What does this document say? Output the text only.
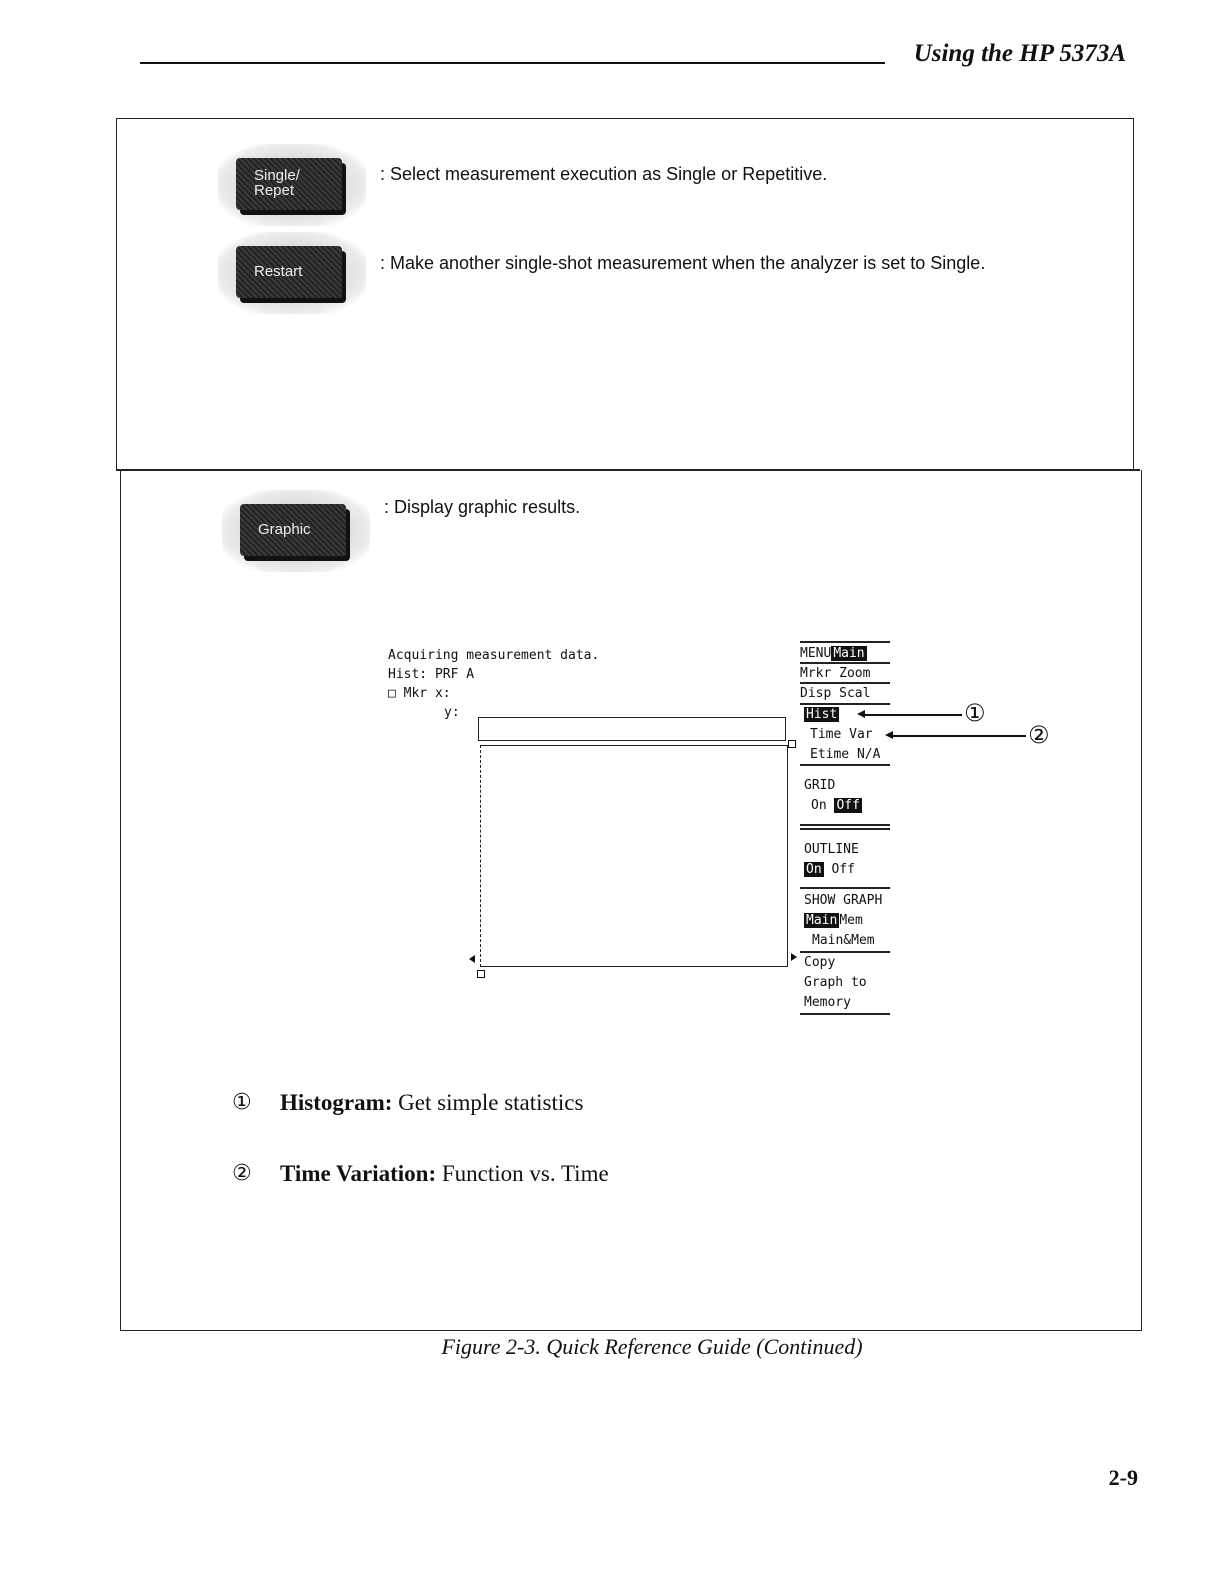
Using the HP 5373A
Single/
Repet
: Select measurement execution as Single or Repetitive.
Restart	: Make another single-shot measurement when the analyzer is set to Single.
Graphic
: Display graphic results.
Acquiring measurement data.
Hist: PRF A
□ Mkr x:
y:
MENU Main
Mrkr Zoom
Disp Scal
Hist
Time Var
Etime N/A
GRID
On Off
OUTLINE
On Off
SHOW GRAPH
Main Mem
Main&Mem
Copy
Graph to
Memory
①
②
① Histogram: Get simple statistics
② Time Variation: Function vs. Time
Figure 2-3. Quick Reference Guide (Continued)
2-9
